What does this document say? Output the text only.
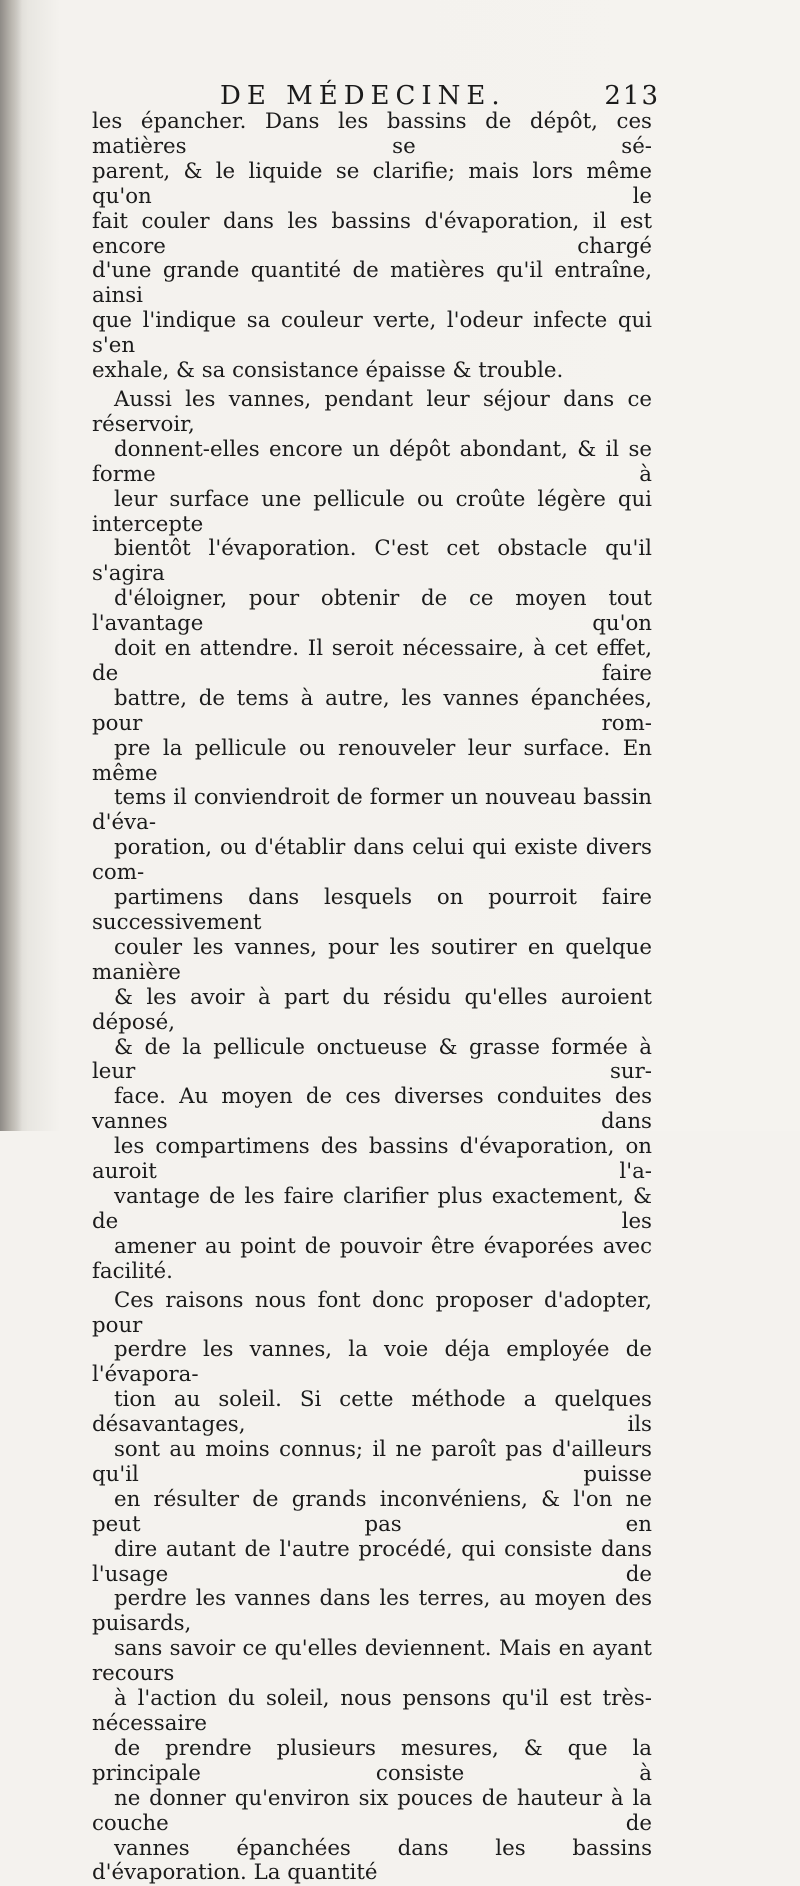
DE MÉDECINE.	213
les épancher. Dans les bassins de dépôt, ces matières se sé-
parent, & le liquide se clarifie; mais lors même qu'on le
fait couler dans les bassins d'évaporation, il est encore chargé
d'une grande quantité de matières qu'il entraîne, ainsi
que l'indique sa couleur verte, l'odeur infecte qui s'en
exhale, & sa consistance épaisse & trouble.
Aussi les vannes, pendant leur séjour dans ce réservoir,
donnent-elles encore un dépôt abondant, & il se forme à
leur surface une pellicule ou croûte légère qui intercepte
bientôt l'évaporation. C'est cet obstacle qu'il s'agira
d'éloigner, pour obtenir de ce moyen tout l'avantage qu'on
doit en attendre. Il seroit nécessaire, à cet effet, de faire
battre, de tems à autre, les vannes épanchées, pour rom-
pre la pellicule ou renouveler leur surface. En même
tems il conviendroit de former un nouveau bassin d'éva-
poration, ou d'établir dans celui qui existe divers com-
partimens dans lesquels on pourroit faire successivement
couler les vannes, pour les soutirer en quelque manière
& les avoir à part du résidu qu'elles auroient déposé,
& de la pellicule onctueuse & grasse formée à leur sur-
face. Au moyen de ces diverses conduites des vannes dans
les compartimens des bassins d'évaporation, on auroit l'a-
vantage de les faire clarifier plus exactement, & de les
amener au point de pouvoir être évaporées avec facilité.
Ces raisons nous font donc proposer d'adopter, pour
perdre les vannes, la voie déja employée de l'évapora-
tion au soleil. Si cette méthode a quelques désavantages, ils
sont au moins connus; il ne paroît pas d'ailleurs qu'il puisse
en résulter de grands inconvéniens, & l'on ne peut pas en
dire autant de l'autre procédé, qui consiste dans l'usage de
perdre les vannes dans les terres, au moyen des puisards,
sans savoir ce qu'elles deviennent. Mais en ayant recours
à l'action du soleil, nous pensons qu'il est très-nécessaire
de prendre plusieurs mesures, & que la principale consiste à
ne donner qu'environ six pouces de hauteur à la couche de
vannes épanchées dans les bassins d'évaporation. La quantité
